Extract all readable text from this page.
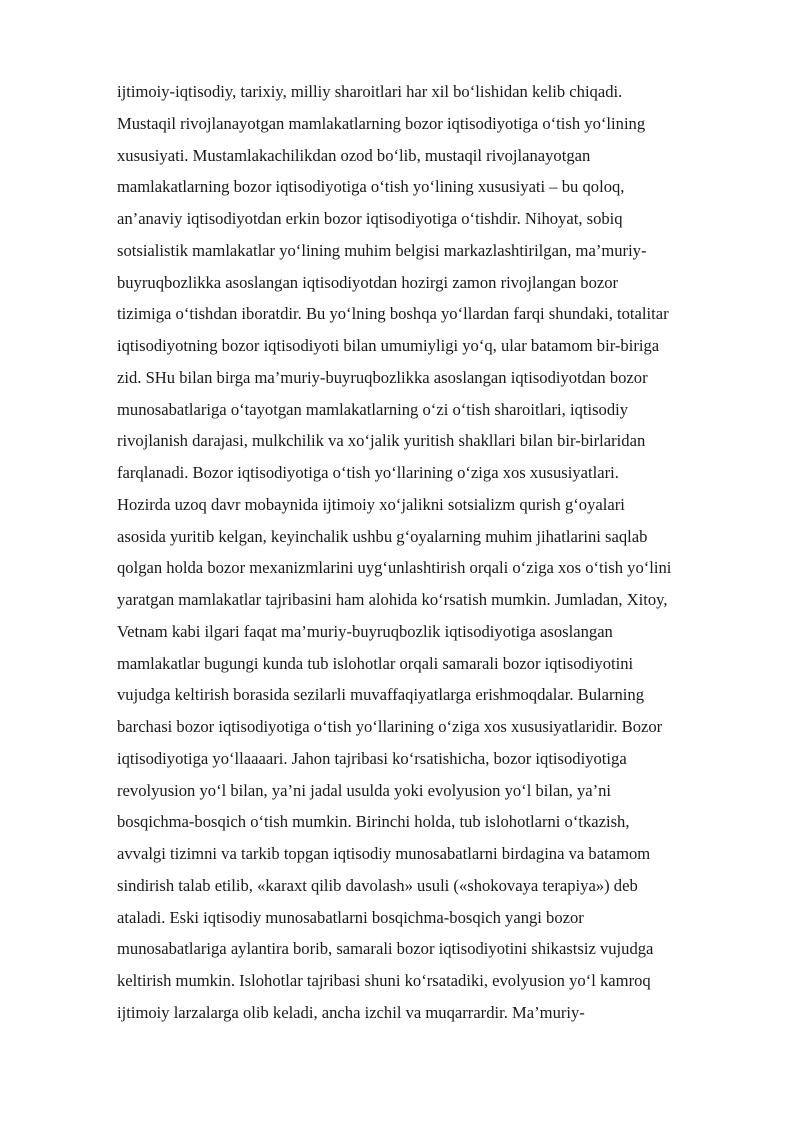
ijtimoiy-iqtisodiy, tarixiy, milliy sharoitlari har xil bo‘lishidan kelib chiqadi.
Mustaqil rivojlanayotgan mamlakatlarning bozor iqtisodiyotiga o‘tish yo‘lining
xususiyati. Mustamlakachilikdan ozod bo‘lib, mustaqil rivojlanayotgan
mamlakatlarning bozor iqtisodiyotiga o‘tish yo‘lining xususiyati – bu qoloq,
an’anaviy iqtisodiyotdan erkin bozor iqtisodiyotiga o‘tishdir. Nihoyat, sobiq
sotsialistik mamlakatlar yo‘lining muhim belgisi markazlashtirilgan, ma’muriy-
buyruqbozlikka asoslangan iqtisodiyotdan hozirgi zamon rivojlangan bozor
tizimiga o‘tishdan iboratdir. Bu yo‘lning boshqa yo‘llardan farqi shundaki, totalitar
iqtisodiyotning bozor iqtisodiyoti bilan umumiyligi yo‘q, ular batamom bir-biriga
zid. SHu bilan birga ma’muriy-buyruqbozlikka asoslangan iqtisodiyotdan bozor
munosabatlariga o‘tayotgan mamlakatlarning o‘zi o‘tish sharoitlari, iqtisodiy
rivojlanish darajasi, mulkchilik va xo‘jalik yuritish shakllari bilan bir-birlaridan
farqlanadi. Bozor iqtisodiyotiga o‘tish yo‘llarining o‘ziga xos xususiyatlari.
Hozirda uzoq davr mobaynida ijtimoiy xo‘jalikni sotsializm qurish g‘oyalari
asosida yuritib kelgan, keyinchalik ushbu g‘oyalarning muhim jihatlarini saqlab
qolgan holda bozor mexanizmlarini uyg‘unlashtirish orqali o‘ziga xos o‘tish yo‘lini
yaratgan mamlakatlar tajribasini ham alohida ko‘rsatish mumkin. Jumladan, Xitoy,
Vetnam kabi ilgari faqat ma’muriy-buyruqbozlik iqtisodiyotiga asoslangan
mamlakatlar bugungi kunda tub islohotlar orqali samarali bozor iqtisodiyotini
vujudga keltirish borasida sezilarli muvaffaqiyatlarga erishmoqdalar. Bularning
barchasi bozor iqtisodiyotiga o‘tish yo‘llarining o‘ziga xos xususiyatlaridir. Bozor
iqtisodiyotiga yo‘llaaaari. Jahon tajribasi ko‘rsatishicha, bozor iqtisodiyotiga
revolyusion yo‘l bilan, ya’ni jadal usulda yoki evolyusion yo‘l bilan, ya’ni
bosqichma-bosqich o‘tish mumkin. Birinchi holda, tub islohotlarni o‘tkazish,
avvalgi tizimni va tarkib topgan iqtisodiy munosabatlarni birdagina va batamom
sindirish talab etilib, «karaxt qilib davolash» usuli («shokovaya terapiya») deb
ataladi. Eski iqtisodiy munosabatlarni bosqichma-bosqich yangi bozor
munosabatlariga aylantira borib, samarali bozor iqtisodiyotini shikastsiz vujudga
keltirish mumkin. Islohotlar tajribasi shuni ko‘rsatadiki, evolyusion yo‘l kamroq
ijtimoiy larzalarga olib keladi, ancha izchil va muqarrardir. Ma’muriy-
